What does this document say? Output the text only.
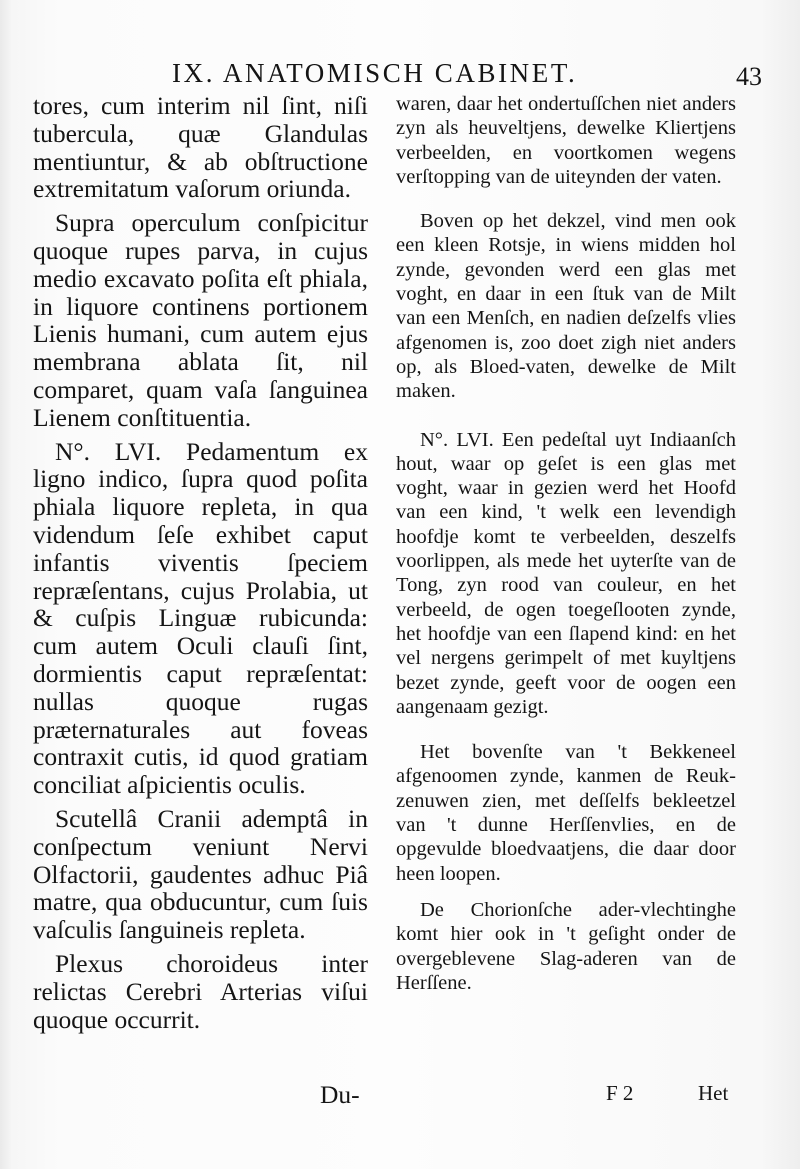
IX. ANATOMISCH CABINET.	43

tores, cum interim nil ſint, niſi tubercula, quæ Glandulas mentiuntur, & ab obſtructione extremitatum vaſorum oriunda.

Supra operculum conſpicitur quoque rupes parva, in cujus medio excavato poſita eſt phiala, in liquore continens portionem Lienis humani, cum autem ejus membrana ablata ſit, nil comparet, quam vaſa ſanguinea Lienem conſtituentia.

N°. LVI. Pedamentum ex ligno indico, ſupra quod poſita phiala liquore repleta, in qua videndum ſeſe exhibet caput infantis viventis ſpeciem repræſentans, cujus Prolabia, ut & cuſpis Linguæ rubicunda: cum autem Oculi clauſi ſint, dormientis caput repræſentat: nullas quoque rugas præternaturales aut foveas contraxit cutis, id quod gratiam conciliat aſpicientis oculis.

Scutellâ Cranii ademptâ in conſpectum veniunt Nervi Olfactorii, gaudentes adhuc Piâ matre, qua obducuntur, cum ſuis vaſculis ſanguineis repleta.

Plexus choroideus inter relictas Cerebri Arterias viſui quoque occurrit.

waren, daar het ondertuſſchen niet anders zyn als heuveltjens, dewelke Kliertjens verbeelden, en voortkomen wegens verſtopping van de uiteynden der vaten.

Boven op het dekzel, vind men ook een kleen Rotsje, in wiens midden hol zynde, gevonden werd een glas met voght, en daar in een ſtuk van de Milt van een Menſch, en nadien deſzelfs vlies afgenomen is, zoo doet zigh niet anders op, als Bloed-vaten, dewelke de Milt maken.

N°. LVI. Een pedeſtal uyt Indiaanſch hout, waar op geſet is een glas met voght, waar in gezien werd het Hoofd van een kind, 't welk een levendigh hoofdje komt te verbeelden, deszelfs voorlippen, als mede het uyterſte van de Tong, zyn rood van couleur, en het verbeeld, de ogen toegeſlooten zynde, het hoofdje van een ſlapend kind: en het vel nergens gerimpelt of met kuyltjens bezet zynde, geeft voor de oogen een aangenaam gezigt.

Het bovenſte van 't Bekkeneel afgenoomen zynde, kanmen de Reuk-zenuwen zien, met deſſelfs bekleetzel van 't dunne Herſſenvlies, en de opgevulde bloedvaatjens, die daar door heen loopen.

De Chorionſche ader-vlechtinghe komt hier ook in 't geſight onder de overgeblevene Slag-aderen van de Herſſene.

Du-	F 2	Het
